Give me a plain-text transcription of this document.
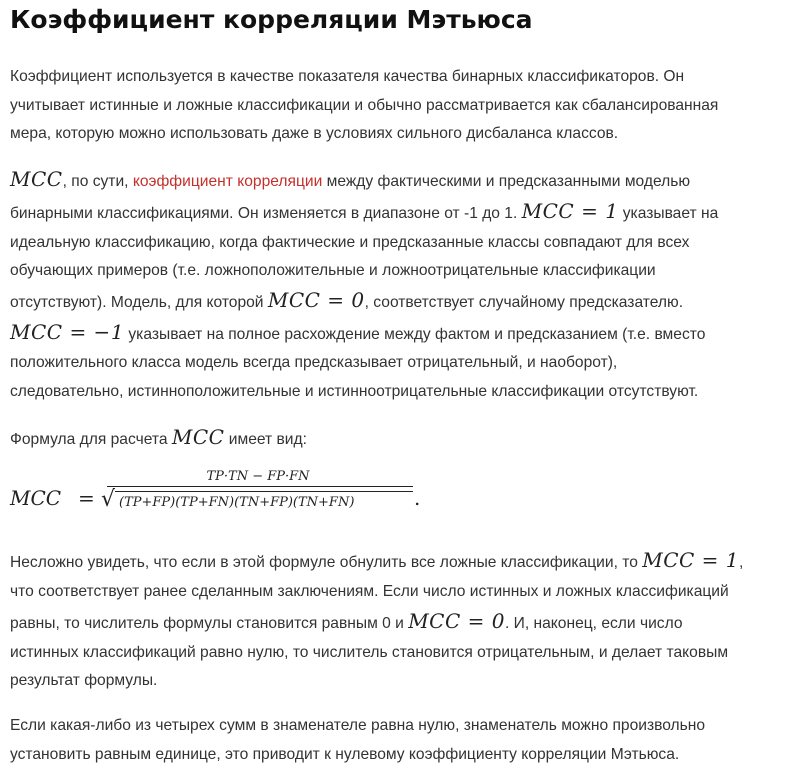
Коэффициент корреляции Мэтьюса

Коэффициент используется в качестве показателя качества бинарных классификаторов. Он

учитывает истинные и ложные классификации и обычно рассматривается как сбалансированная

мера, которую можно использовать даже в условиях сильного дисбаланса классов.

MCC, по сути, коэффициент корреляции между фактическими и предсказанными моделью

бинарными классификациями. Он изменяется в диапазоне от -1 до 1. MCC = 1 указывает на

идеальную классификацию, когда фактические и предсказанные классы совпадают для всех

обучающих примеров (т.е. ложноположительные и ложноотрицательные классификации

отсутствуют). Модель, для которой MCC = 0, соответствует случайному предсказателю.

MCC = −1 указывает на полное расхождение между фактом и предсказанием (т.е. вместо

положительного класса модель всегда предсказывает отрицательный, и наоборот),

следовательно, истинноположительные и истинноотрицательные классификации отсутствуют.

Формула для расчета MCC имеет вид:

MCC =
TP·TN − FP·FN
√ (TP+FP)(TP+FN)(TN+FP)(TN+FN)	.

Несложно увидеть, что если в этой формуле обнулить все ложные классификации, то MCC = 1,

что соответствует ранее сделанным заключениям. Если число истинных и ложных классификаций

равны, то числитель формулы становится равным 0 и MCC = 0. И, наконец, если число

истинных классификаций равно нулю, то числитель становится отрицательным, и делает таковым

результат формулы.

Если какая-либо из четырех сумм в знаменателе равна нулю, знаменатель можно произвольно

установить равным единице, это приводит к нулевому коэффициенту корреляции Мэтьюса.
